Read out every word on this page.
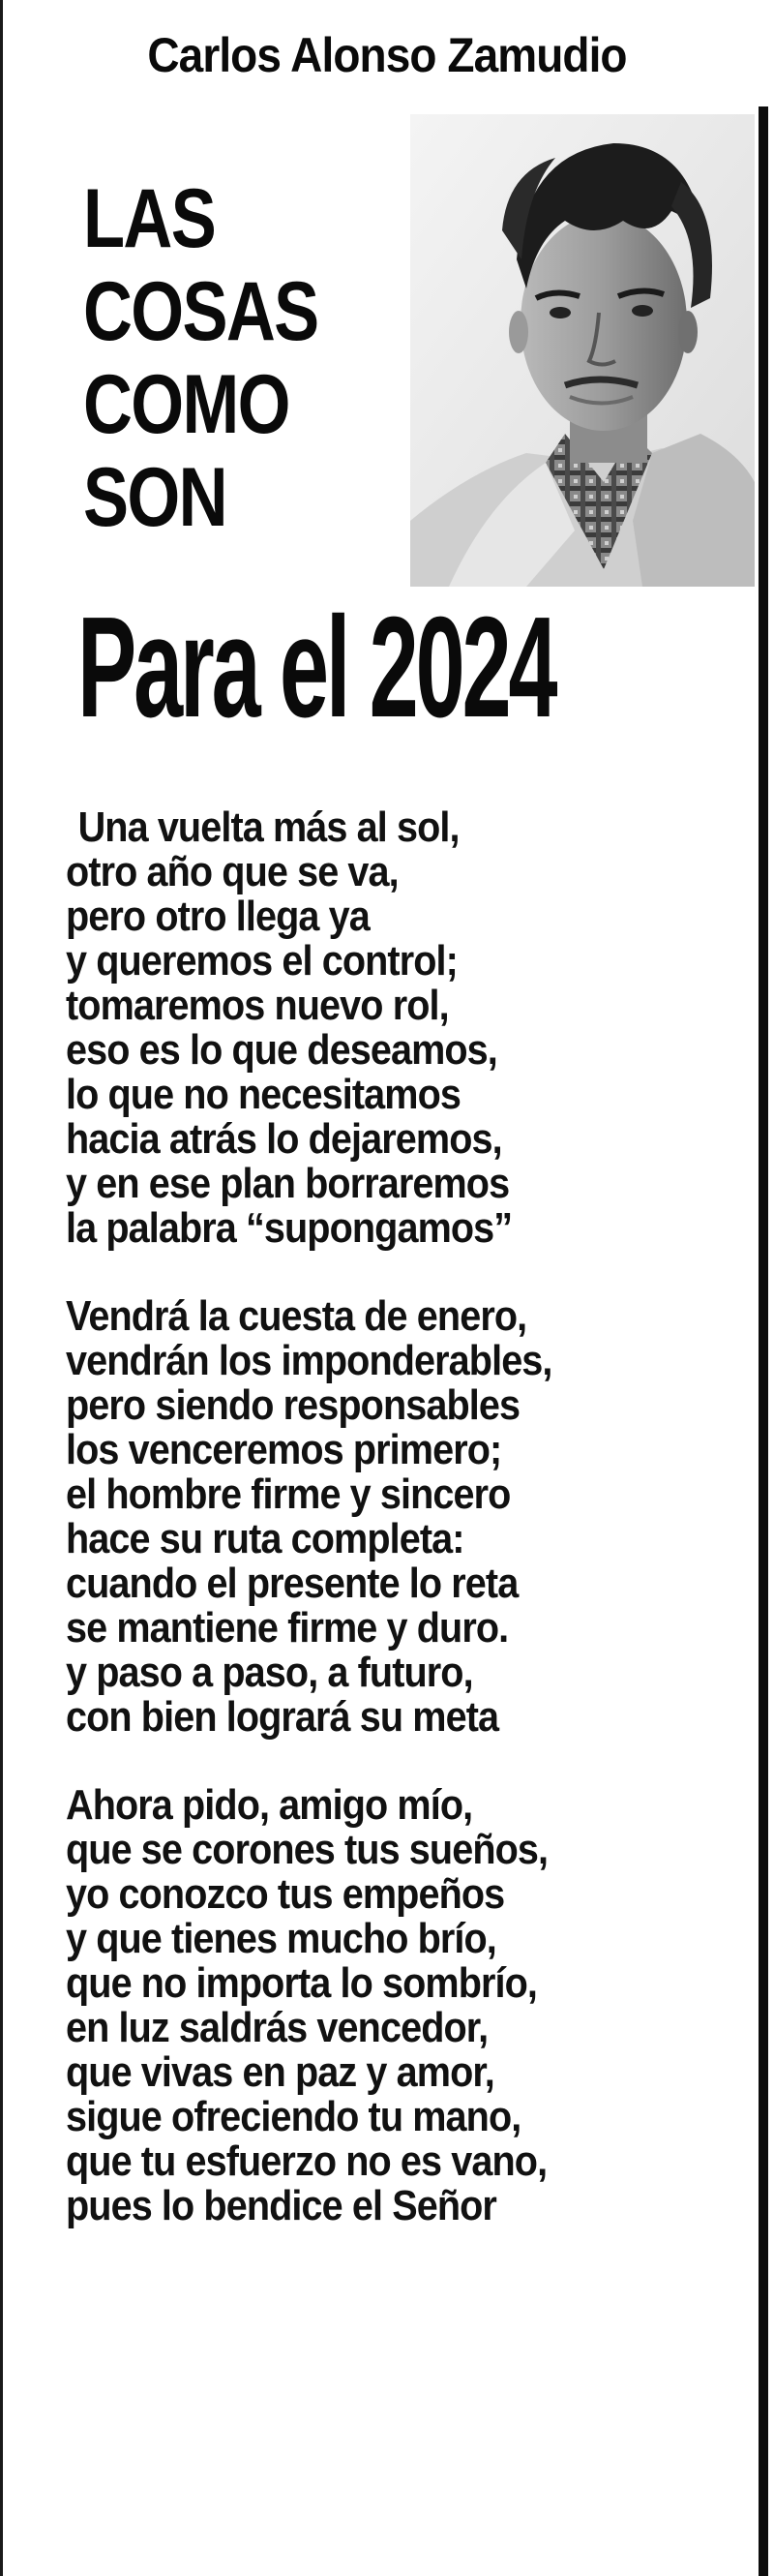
Carlos Alonso Zamudio
LAS
COSAS
COMO
SON
Para el 2024

Una vuelta más al sol,
otro año que se va,
pero otro llega ya
y queremos el control;
tomaremos nuevo rol,
eso es lo que deseamos,
lo que no necesitamos
hacia atrás lo dejaremos,
y en ese plan borraremos
la palabra “supongamos”

Vendrá la cuesta de enero,
vendrán los imponderables,
pero siendo responsables
los venceremos primero;
el hombre firme y sincero
hace su ruta completa:
cuando el presente lo reta
se mantiene firme y duro.
y paso a paso, a futuro,
con bien logrará su meta

Ahora pido, amigo mío,
que se corones tus sueños,
yo conozco tus empeños
y que tienes mucho brío,
que no importa lo sombrío,
en luz saldrás vencedor,
que vivas en paz y amor,
sigue ofreciendo tu mano,
que tu esfuerzo no es vano,
pues lo bendice el Señor
